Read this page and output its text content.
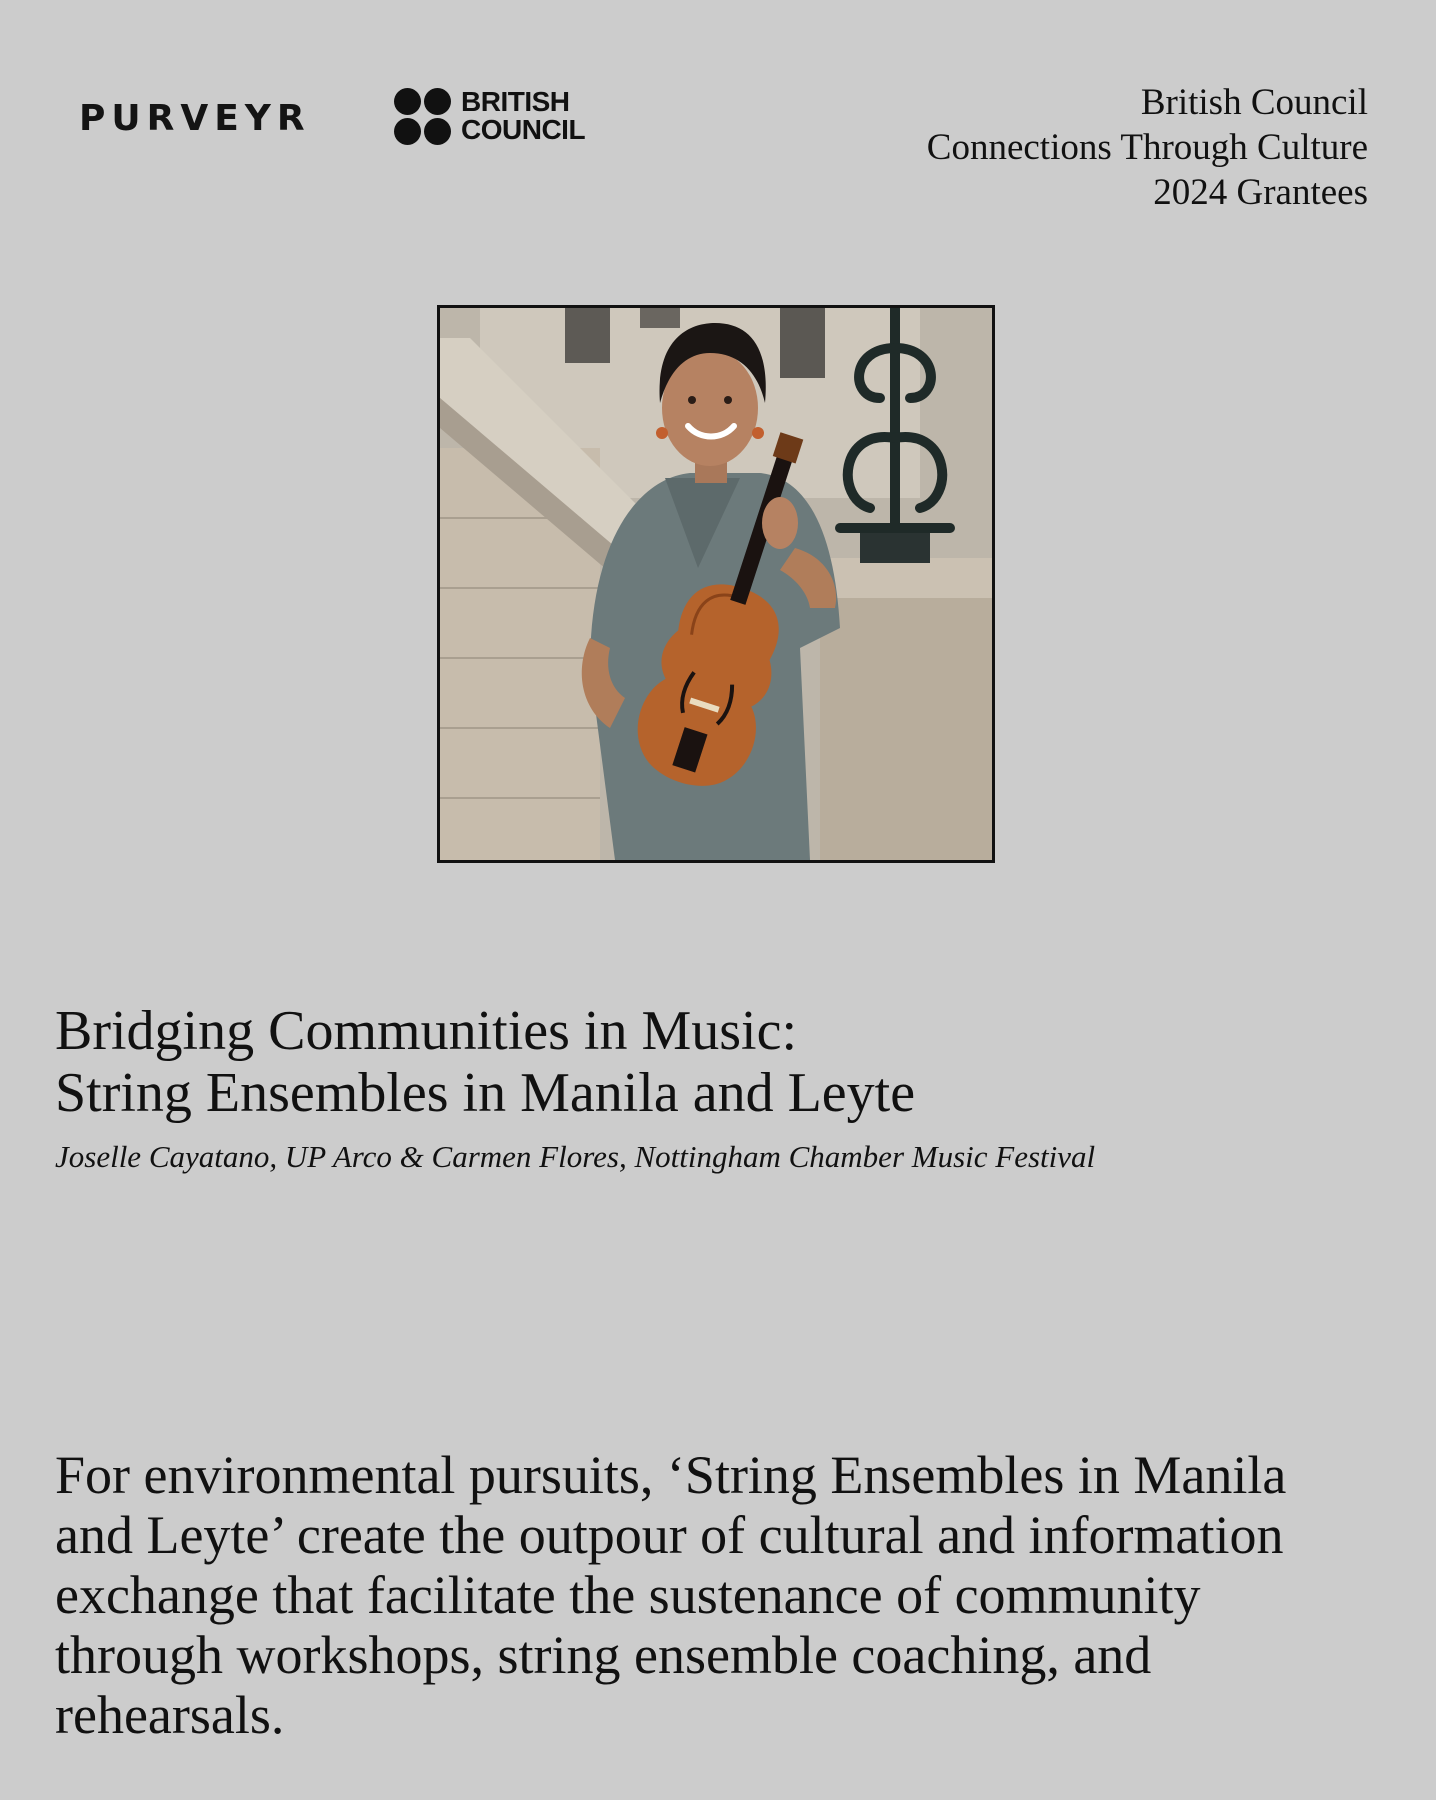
PURVEYR	BRITISH
COUNCIL
British Council
Connections Through Culture
2024 Grantees
Bridging Communities in Music:
String Ensembles in Manila and Leyte
Joselle Cayatano, UP Arco & Carmen Flores, Nottingham Chamber Music Festival
For environmental pursuits, ‘String Ensembles in Manila and Leyte’ create the outpour of cultural and information exchange that facilitate the sustenance of community through workshops, string ensemble coaching, and rehearsals.
